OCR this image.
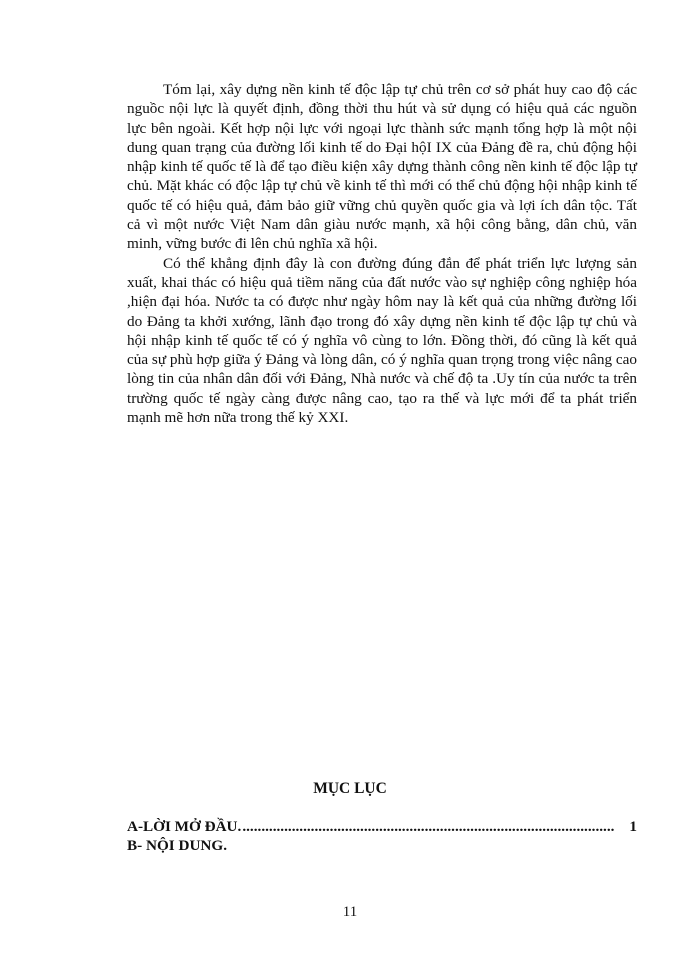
Tóm lại, xây dựng nền kinh tế độc lập tự chủ trên cơ sở phát huy cao độ các nguồc nội lực là quyết định, đồng thời thu hút và sử dụng có hiệu quả các nguồn lực bên ngoài. Kết hợp nội lực với ngoại lực thành sức mạnh tổng hợp là một nội dung quan trạng của đường lối kinh tế do Đại hộI IX của Đảng đề ra, chủ động hội nhập kinh tế quốc tế là để tạo điều kiện xây dựng thành công nền kinh tế độc lập tự chủ. Mặt khác có độc lập tự chủ về kinh tế thì mới có thể chủ động hội nhập kinh tế quốc tế có hiệu quả, đảm bảo giữ vững chủ quyền quốc gia và lợi ích dân tộc. Tất cả vì một nước Việt Nam dân giàu nước mạnh, xã hội công bằng, dân chủ, văn minh, vững bước đi lên chủ nghĩa xã hội.

Có thể khẳng định đây là con đường đúng đắn để phát triển lực lượng sản xuất, khai thác có hiệu quả tiềm năng của đất nước vào sự nghiệp công nghiệp hóa ,hiện đại hóa. Nước ta có được như ngày hôm nay là kết quả của những đường lối do Đảng ta khởi xướng, lãnh đạo trong đó xây dựng nền kinh tế độc lập tự chủ và hội nhập kinh tế quốc tế có ý nghĩa vô cùng to lớn. Đồng thời, đó cũng là kết quả của sự phù hợp giữa ý Đảng và lòng dân, có ý nghĩa quan trọng trong việc nâng cao lòng tin của nhân dân đối với Đảng, Nhà nước và chế độ ta .Uy tín của nước ta trên trường quốc tế ngày càng được nâng cao, tạo ra thế và lực mới để ta phát triển mạnh mẽ hơn nữa trong thế kỷ XXI.

MỤC LỤC
A-LỜI MỞ ĐẦU. .................................................................................................. 1
B- NỘI DUNG.
11
